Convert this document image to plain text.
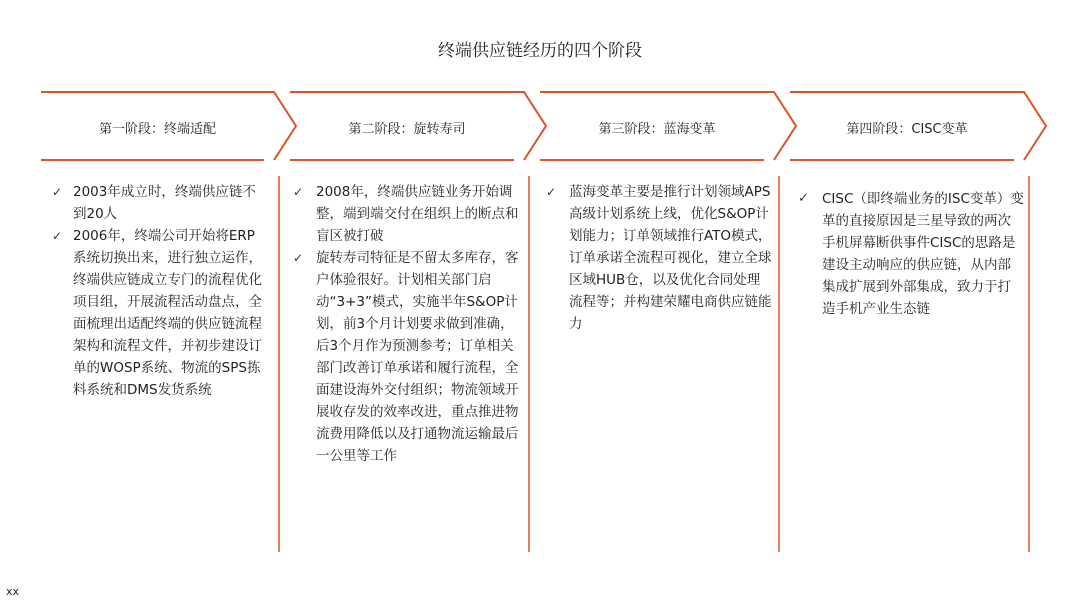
终端供应链经历的四个阶段
第一阶段：终端适配	第二阶段：旋转寿司	第三阶段：蓝海变革	第四阶段：CISC变革
✓ 2003年成立时，终端供应链不到20人
✓ 2006年，终端公司开始将ERP系统切换出来，进行独立运作，终端供应链成立专门的流程优化项目组，开展流程活动盘点，全面梳理出适配终端的供应链流程架构和流程文件，并初步建设订单的WOSP系统、物流的SPS拣料系统和DMS发货系统
✓ 2008年，终端供应链业务开始调整，端到端交付在组织上的断点和盲区被打破
✓ 旋转寿司特征是不留太多库存，客户体验很好。计划相关部门启动“3+3”模式，实施半年S&OP计划，前3个月计划要求做到准确，后3个月作为预测参考；订单相关部门改善订单承诺和履行流程，全面建设海外交付组织；物流领域开展收存发的效率改进，重点推进物流费用降低以及打通物流运输最后一公里等工作
✓ 蓝海变革主要是推行计划领域APS高级计划系统上线，优化S&OP计划能力；订单领域推行ATO模式，订单承诺全流程可视化，建立全球区域HUB仓，以及优化合同处理流程等；并构建荣耀电商供应链能力
✓ CISC（即终端业务的ISC变革）变革的直接原因是三星导致的两次手机屏幕断供事件CISC的思路是建设主动响应的供应链，从内部集成扩展到外部集成，致力于打造手机产业生态链
xx
